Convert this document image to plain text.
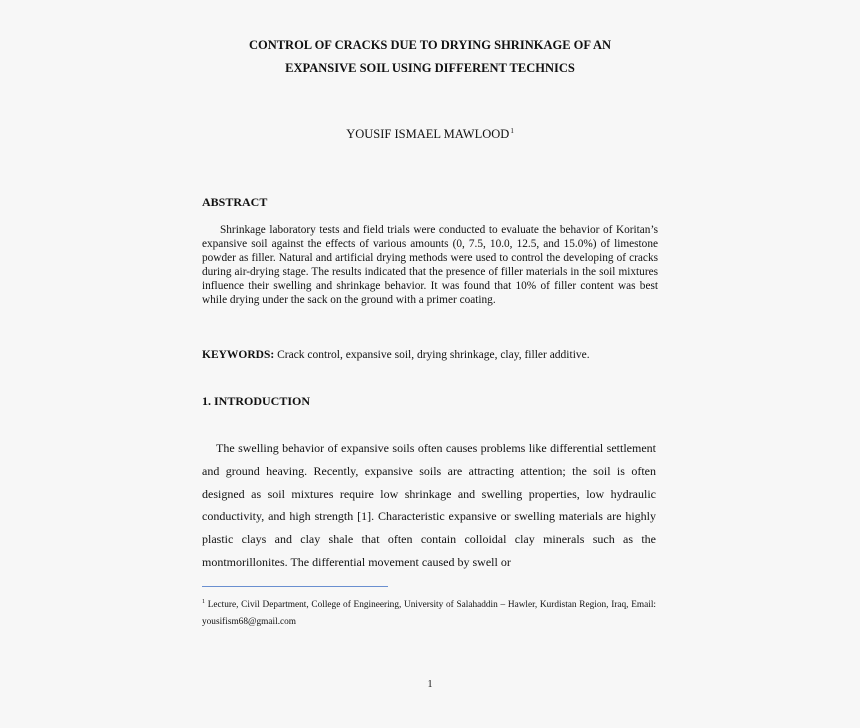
CONTROL OF CRACKS DUE TO DRYING SHRINKAGE OF AN
EXPANSIVE SOIL USING DIFFERENT TECHNICS
YOUSIF ISMAEL MAWLOOD$^1$
ABSTRACT
Shrinkage laboratory tests and field trials were conducted to evaluate the behavior of Koritan’s expansive soil against the effects of various amounts (0, 7.5, 10.0, 12.5, and 15.0%) of limestone powder as filler. Natural and artificial drying methods were used to control the developing of cracks during air-drying stage. The results indicated that the presence of filler materials in the soil mixtures influence their swelling and shrinkage behavior. It was found that 10% of filler content was best while drying under the sack on the ground with a primer coating.
KEYWORDS: Crack control, expansive soil, drying shrinkage, clay, filler additive.
1. INTRODUCTION
The swelling behavior of expansive soils often causes problems like differential settlement and ground heaving. Recently, expansive soils are attracting attention; the soil is often designed as soil mixtures require low shrinkage and swelling properties, low hydraulic conductivity, and high strength [1]. Characteristic expansive or swelling materials are highly plastic clays and clay shale that often contain colloidal clay minerals such as the montmorillonites. The differential movement caused by swell or
$^1$ Lecture, Civil Department, College of Engineering, University of Salahaddin – Hawler, Kurdistan Region, Iraq, Email: yousifism68@gmail.com
1
